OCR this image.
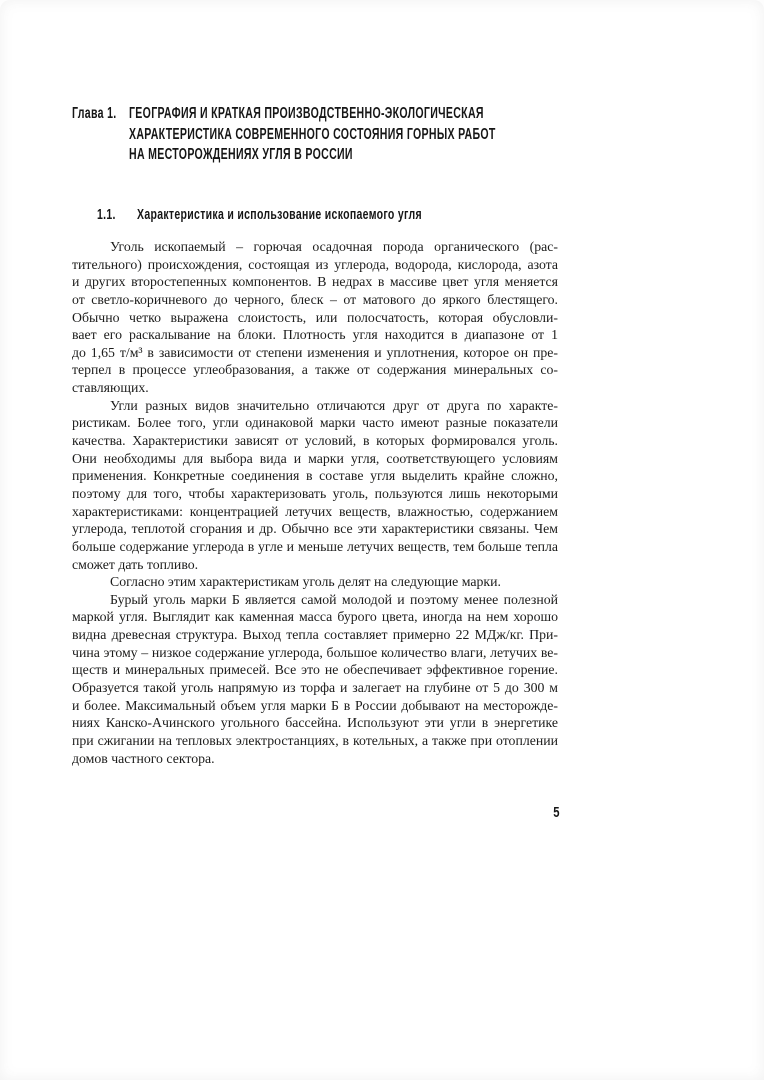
Глава 1. ГЕОГРАФИЯ И КРАТКАЯ ПРОИЗВОДСТВЕННО-ЭКОЛОГИЧЕСКАЯ
ХАРАКТЕРИСТИКА СОВРЕМЕННОГО СОСТОЯНИЯ ГОРНЫХ РАБОТ
НА МЕСТОРОЖДЕНИЯХ УГЛЯ В РОССИИ
1.1.	Характеристика и использование ископаемого угля
Уголь ископаемый – горючая осадочная порода органического (рас-
тительного) происхождения, состоящая из углерода, водорода, кислорода, азота
и других второстепенных компонентов. В недрах в массиве цвет угля меняется
от светло-коричневого до черного, блеск – от матового до яркого блестящего.
Обычно четко выражена слоистость, или полосчатость, которая обусловли-
вает его раскалывание на блоки. Плотность угля находится в диапазоне от 1
до 1,65 т/м³ в зависимости от степени изменения и уплотнения, которое он пре-
терпел в процессе углеобразования, а также от содержания минеральных со-
ставляющих.
Угли разных видов значительно отличаются друг от друга по характе-
ристикам. Более того, угли одинаковой марки часто имеют разные показатели
качества. Характеристики зависят от условий, в которых формировался уголь.
Они необходимы для выбора вида и марки угля, соответствующего условиям
применения. Конкретные соединения в составе угля выделить крайне сложно,
поэтому для того, чтобы характеризовать уголь, пользуются лишь некоторыми
характеристиками: концентрацией летучих веществ, влажностью, содержанием
углерода, теплотой сгорания и др. Обычно все эти характеристики связаны. Чем
больше содержание углерода в угле и меньше летучих веществ, тем больше тепла
сможет дать топливо.
Согласно этим характеристикам уголь делят на следующие марки.
Бурый уголь марки Б является самой молодой и поэтому менее полезной
маркой угля. Выглядит как каменная масса бурого цвета, иногда на нем хорошо
видна древесная структура. Выход тепла составляет примерно 22 МДж/кг. При-
чина этому – низкое содержание углерода, большое количество влаги, летучих ве-
ществ и минеральных примесей. Все это не обеспечивает эффективное горение.
Образуется такой уголь напрямую из торфа и залегает на глубине от 5 до 300 м
и более. Максимальный объем угля марки Б в России добывают на месторожде-
ниях Канско-Ачинского угольного бассейна. Используют эти угли в энергетике
при сжигании на тепловых электростанциях, в котельных, а также при отоплении
домов частного сектора.
5
